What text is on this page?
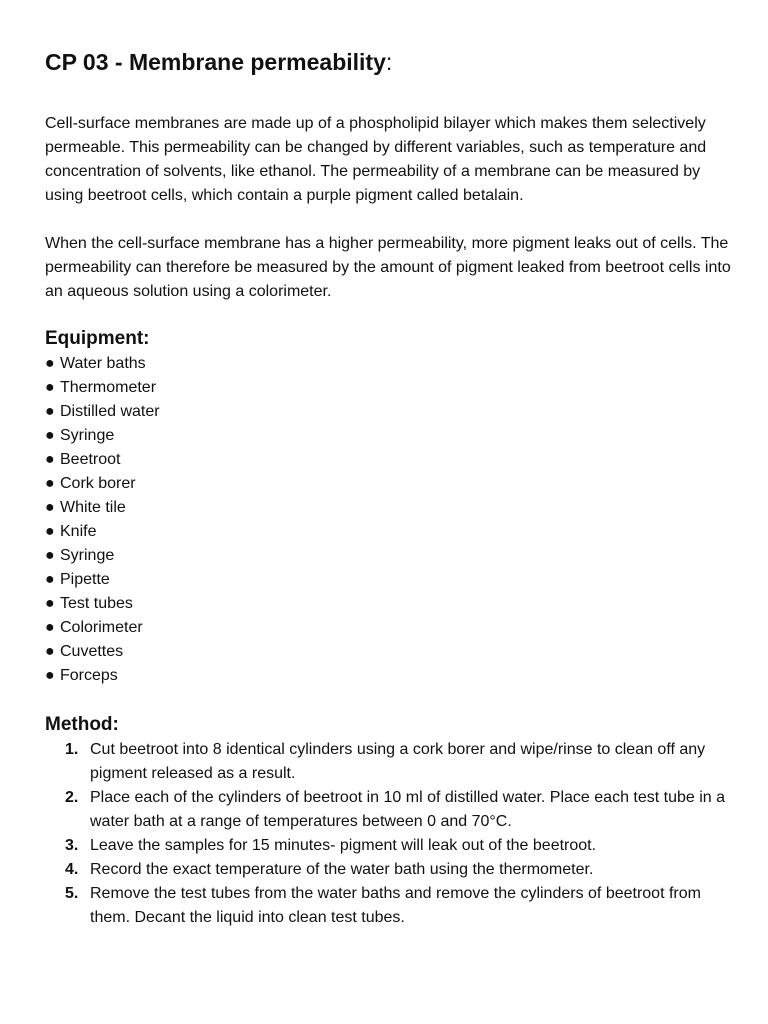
CP 03 - Membrane permeability:

Cell-surface membranes are made up of a phospholipid bilayer which makes them selectively permeable. This permeability can be changed by different variables, such as temperature and concentration of solvents, like ethanol. The permeability of a membrane can be measured by using beetroot cells, which contain a purple pigment called betalain.

When the cell-surface membrane has a higher permeability, more pigment leaks out of cells. The permeability can therefore be measured by the amount of pigment leaked from beetroot cells into an aqueous solution using a colorimeter.

Equipment:
● Water baths
● Thermometer
● Distilled water
● Syringe
● Beetroot
● Cork borer
● White tile
● Knife
● Syringe
● Pipette
● Test tubes
● Colorimeter
● Cuvettes
● Forceps
Method:
1. Cut beetroot into 8 identical cylinders using a cork borer and wipe/rinse to clean off any pigment released as a result.
2. Place each of the cylinders of beetroot in 10 ml of distilled water. Place each test tube in a water bath at a range of temperatures between 0 and 70°C.
3. Leave the samples for 15 minutes- pigment will leak out of the beetroot.
4. Record the exact temperature of the water bath using the thermometer.
5. Remove the test tubes from the water baths and remove the cylinders of beetroot from them. Decant the liquid into clean test tubes.
